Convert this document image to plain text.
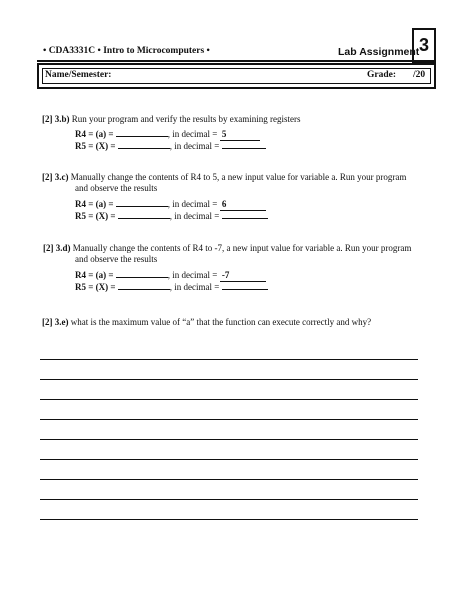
• CDA3331C • Intro to Microcomputers •	Lab Assignment 3
Name/Semester:	Grade: /20
[2] 3.b) Run your program and verify the results by examining registers
R4 = (a) =	, in decimal = 5
R5 = (X) =	, in decimal =
[2] 3.c) Manually change the contents of R4 to 5, a new input value for variable a. Run your program
and observe the results
R4 = (a) =	, in decimal = 6
R5 = (X) =	, in decimal =
[2] 3.d) Manually change the contents of R4 to -7, a new input value for variable a. Run your program
and observe the results
R4 = (a) =	, in decimal = -7
R5 = (X) =	, in decimal =
[2] 3.e) what is the maximum value of “a” that the function can execute correctly and why?
